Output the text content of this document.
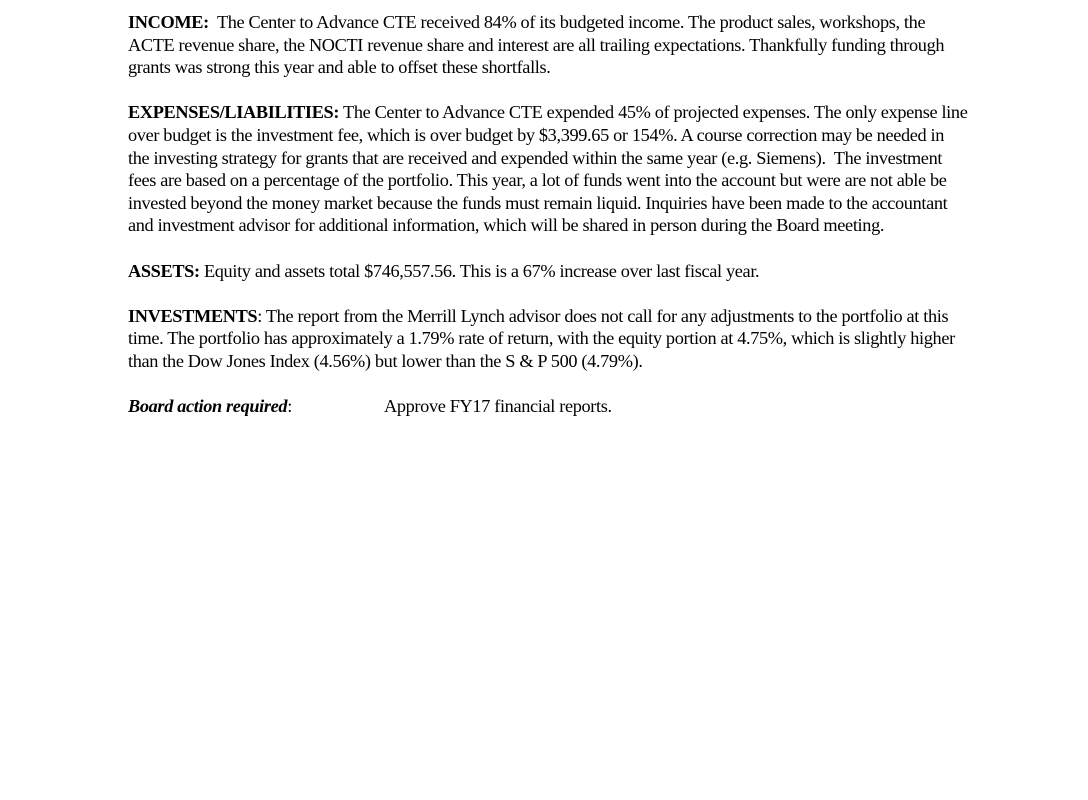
INCOME:  The Center to Advance CTE received 84% of its budgeted income. The product sales, workshops, the ACTE revenue share, the NOCTI revenue share and interest are all trailing expectations. Thankfully funding through grants was strong this year and able to offset these shortfalls.

EXPENSES/LIABILITIES: The Center to Advance CTE expended 45% of projected expenses. The only expense line over budget is the investment fee, which is over budget by $3,399.65 or 154%. A course correction may be needed in the investing strategy for grants that are received and expended within the same year (e.g. Siemens).  The investment fees are based on a percentage of the portfolio. This year, a lot of funds went into the account but were are not able be invested beyond the money market because the funds must remain liquid. Inquiries have been made to the accountant and investment advisor for additional information, which will be shared in person during the Board meeting.

ASSETS: Equity and assets total $746,557.56. This is a 67% increase over last fiscal year.

INVESTMENTS: The report from the Merrill Lynch advisor does not call for any adjustments to the portfolio at this time. The portfolio has approximately a 1.79% rate of return, with the equity portion at 4.75%, which is slightly higher than the Dow Jones Index (4.56%) but lower than the S & P 500 (4.79%).

Board action required:	Approve FY17 financial reports.
